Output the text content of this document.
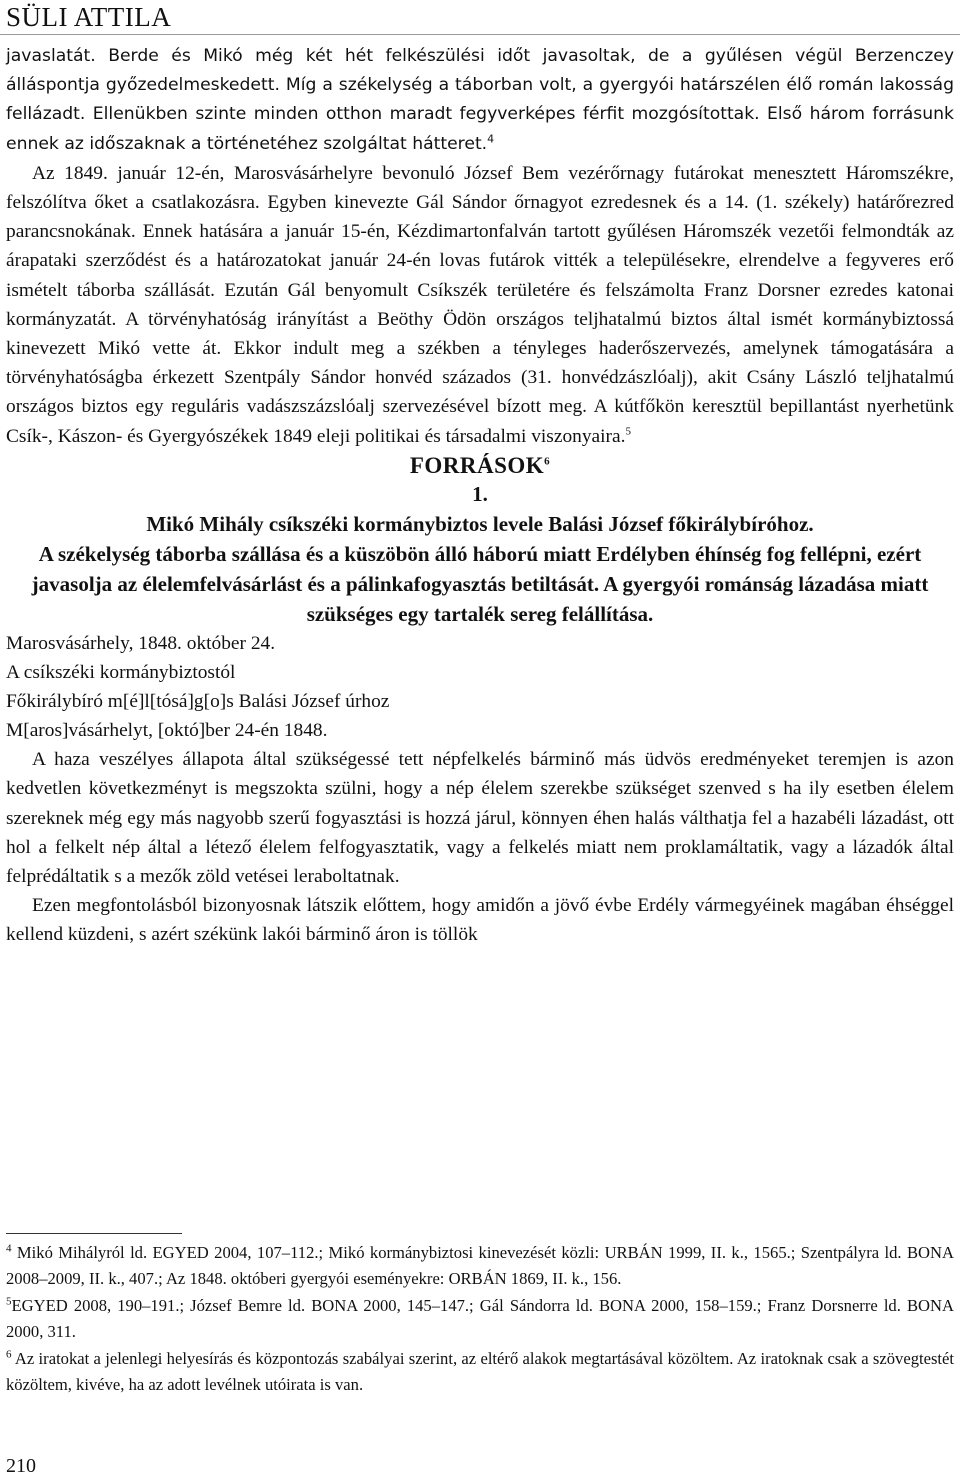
SÜLI ATTILA

javaslatát. Berde és Mikó még két hét felkészülési időt javasoltak, de a gyűlésen végül Berzenczey álláspontja győzedelmeskedett. Míg a székelység a táborban volt, a gyergyói határszélen élő román lakosság fellázadt. Ellenükben szinte minden otthon maradt fegyverképes férfit mozgósítottak. Első három forrásunk ennek az időszaknak a történetéhez szolgáltat hátteret.$^4$

Az 1849. január 12-én, Marosvásárhelyre bevonuló József Bem vezérőrnagy futárokat menesztett Háromszékre, felszólítva őket a csatlakozásra. Egyben kinevezte Gál Sándor őrnagyot ezredesnek és a 14. (1. székely) határőrezred parancsnokának. Ennek hatására a január 15-én, Kézdimartonfalván tartott gyűlésen Háromszék vezetői felmondták az árapataki szerződést és a határozatokat január 24-én lovas futárok vitték a településekre, elrendelve a fegyveres erő ismételt táborba szállását. Ezután Gál benyomult Csíkszék területére és felszámolta Franz Dorsner ezredes katonai kormányzatát. A törvényhatóság irányítást a Beöthy Ödön országos teljhatalmú biztos által ismét kormánybiztossá kinevezett Mikó vette át. Ekkor indult meg a székben a tényleges haderőszervezés, amelynek támogatására a törvényhatóságba érkezett Szentpály Sándor honvéd százados (31. honvédzászlóalj), akit Csány László teljhatalmú országos biztos egy reguláris vadászszázslóalj szervezésével bízott meg. A kútfőkön keresztül bepillantást nyerhetünk Csík-, Kászon- és Gyergyószékek 1849 eleji politikai és társadalmi viszonyaira.$^5$

FORRÁSOK$^6$

1.

Mikó Mihály csíkszéki kormánybiztos levele Balási József főkirálybíróhoz.

A székelység táborba szállása és a küszöbön álló háború miatt Erdélyben éhínség fog fellépni, ezért javasolja az élelemfelvásárlást és a pálinkafogyasztás betiltását. A gyergyói románság lázadása miatt szükséges egy tartalék sereg felállítása.

Marosvásárhely, 1848. október 24.

A csíkszéki kormánybiztostól

Főkirálybíró m[é]l[tósá]g[o]s Balási József úrhoz

M[aros]vásárhelyt, [októ]ber 24-én 1848.

A haza veszélyes állapota által szükségessé tett népfelkelés bárminő más üdvös eredményeket teremjen is azon kedvetlen következményt is megszokta szülni, hogy a nép élelem szerekbe szükséget szenved s ha ily esetben élelem szereknek még egy más nagyobb szerű fogyasztási is hozzá járul, könnyen éhen halás válthatja fel a hazabéli lázadást, ott hol a felkelt nép által a létező élelem felfogyasztatik, vagy a felkelés miatt nem proklamáltatik, vagy a lázadók által felprédáltatik s a mezők zöld vetései leraboltatnak.

Ezen megfontolásból bizonyosnak látszik előttem, hogy amidőn a jövő évbe Erdély vármegyéinek magában éhséggel kellend küzdeni, s azért székünk lakói bárminő áron is töllök

$^4$ Mikó Mihályról ld. EGYED 2004, 107–112.; Mikó kormánybiztosi kinevezését közli: URBÁN 1999, II. k., 1565.; Szentpályra ld. BONA 2008–2009, II. k., 407.; Az 1848. októberi gyergyói eseményekre: ORBÁN 1869, II. k., 156.

$^5$EGYED 2008, 190–191.; József Bemre ld. BONA 2000, 145–147.; Gál Sándorra ld. BONA 2000, 158–159.; Franz Dorsnerre ld. BONA 2000, 311.

$^6$ Az iratokat a jelenlegi helyesírás és központozás szabályai szerint, az eltérő alakok megtartásával közöltem. Az iratoknak csak a szövegtestét közöltem, kivéve, ha az adott levélnek utóirata is van.

210
